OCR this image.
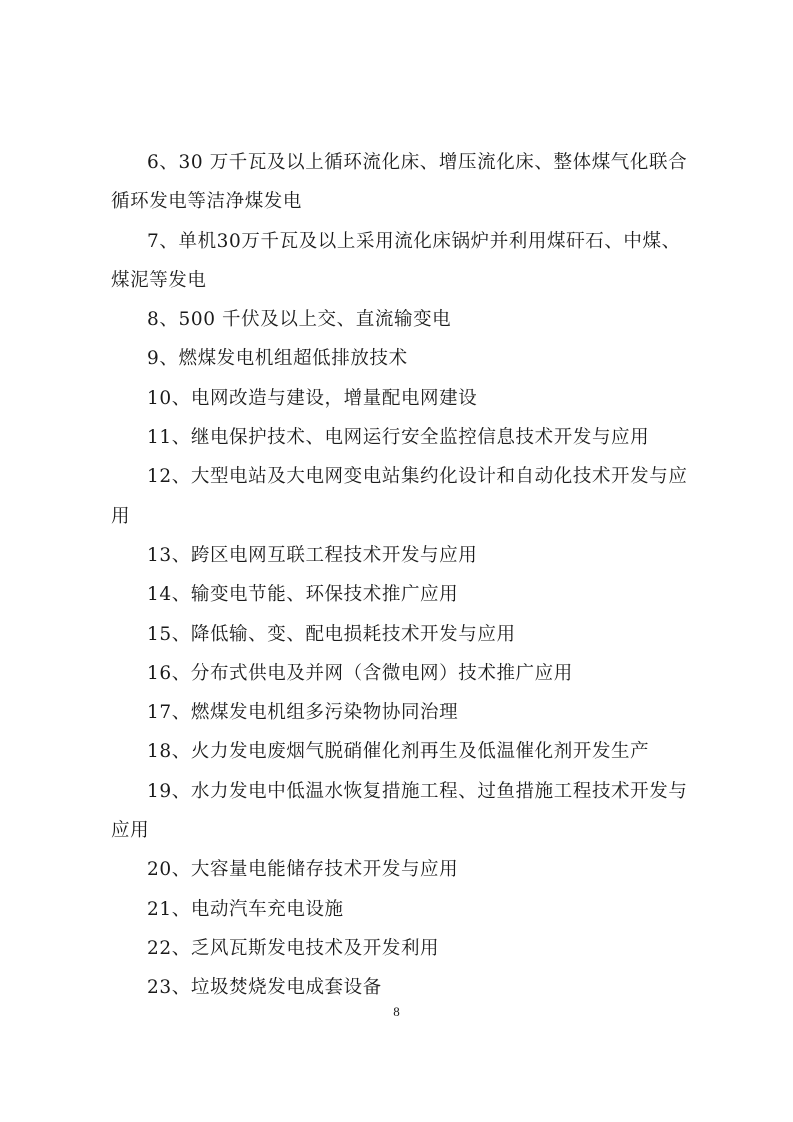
6、30 万千瓦及以上循环流化床、增压流化床、整体煤气化联合循环发电等洁净煤发电

7、单机30万千瓦及以上采用流化床锅炉并利用煤矸石、中煤、煤泥等发电

8、500 千伏及以上交、直流输变电

9、燃煤发电机组超低排放技术

10、电网改造与建设，增量配电网建设

11、继电保护技术、电网运行安全监控信息技术开发与应用

12、大型电站及大电网变电站集约化设计和自动化技术开发与应用

13、跨区电网互联工程技术开发与应用

14、输变电节能、环保技术推广应用

15、降低输、变、配电损耗技术开发与应用

16、分布式供电及并网（含微电网）技术推广应用

17、燃煤发电机组多污染物协同治理

18、火力发电废烟气脱硝催化剂再生及低温催化剂开发生产

19、水力发电中低温水恢复措施工程、过鱼措施工程技术开发与应用

20、大容量电能储存技术开发与应用

21、电动汽车充电设施

22、乏风瓦斯发电技术及开发利用

23、垃圾焚烧发电成套设备

8
